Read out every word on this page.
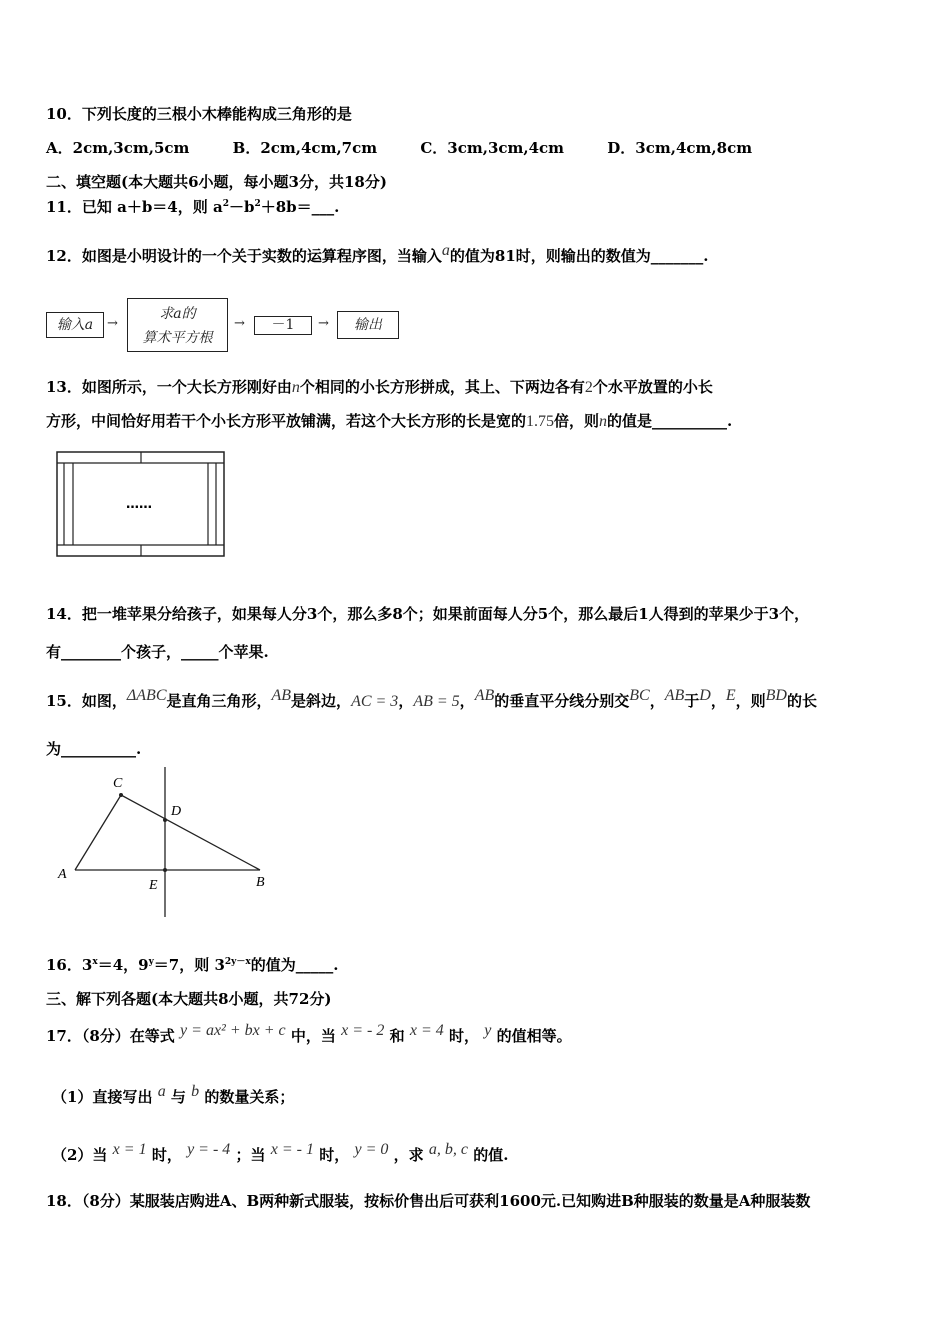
10．下列长度的三根小木棒能构成三角形的是
A．2cm,3cm,5cm	B．2cm,4cm,7cm	C．3cm,3cm,4cm	D．3cm,4cm,8cm
二、填空题(本大题共6小题，每小题3分，共18分)
11．已知 a＋b＝4，则 $a^2-b^2+8b=\_\_\_$.
12．如图是小明设计的一个关于实数的运算程序图，当输入$^a$的值为81时，则输出的数值为_______.
输入a	→
求a的
算术平方根
→	－1	→	输出
13．如图所示，一个大长方形刚好由n个相同的小长方形拼成，其上、下两边各有2个水平放置的小长
方形，中间恰好用若干个小长方形平放铺满，若这个大长方形的长是宽的1.75倍，则n的值是__________.
……
14．把一堆苹果分给孩子，如果每人分3个，那么多8个；如果前面每人分5个，那么最后1人得到的苹果少于3个，
有________个孩子，_____个苹果.
15．如图，$^{\Delta ABC}$是直角三角形，$^{AB}$是斜边，AC = 3，AB = 5，$^{AB}$的垂直平分线分别交$^{BC}$，$^{AB}$于$^D$，$^E$，则$^{BD}$的长
为__________.
A
B
C
D
E
16．$3^x=4$，$9^y=7$，则 $3^{2y-x}$的值为_____.
三、解下列各题(本大题共8小题，共72分)
17．（8分）在等式 $^{y = ax^2 + bx + c}$ 中，当 $^{x = - 2}$ 和 $^{x = 4}$ 时， $^y$ 的值相等。
（1）直接写出 $^a$ 与 $^b$ 的数量关系；
（2）当 $^{x = 1}$ 时， $^{y = - 4}$ ；当 $^{x = - 1}$ 时， $^{y = 0}$ ，求 $^{a, b, c}$ 的值.
18．（8分）某服装店购进A、B两种新式服装，按标价售出后可获利1600元.已知购进B种服装的数量是A种服装数
